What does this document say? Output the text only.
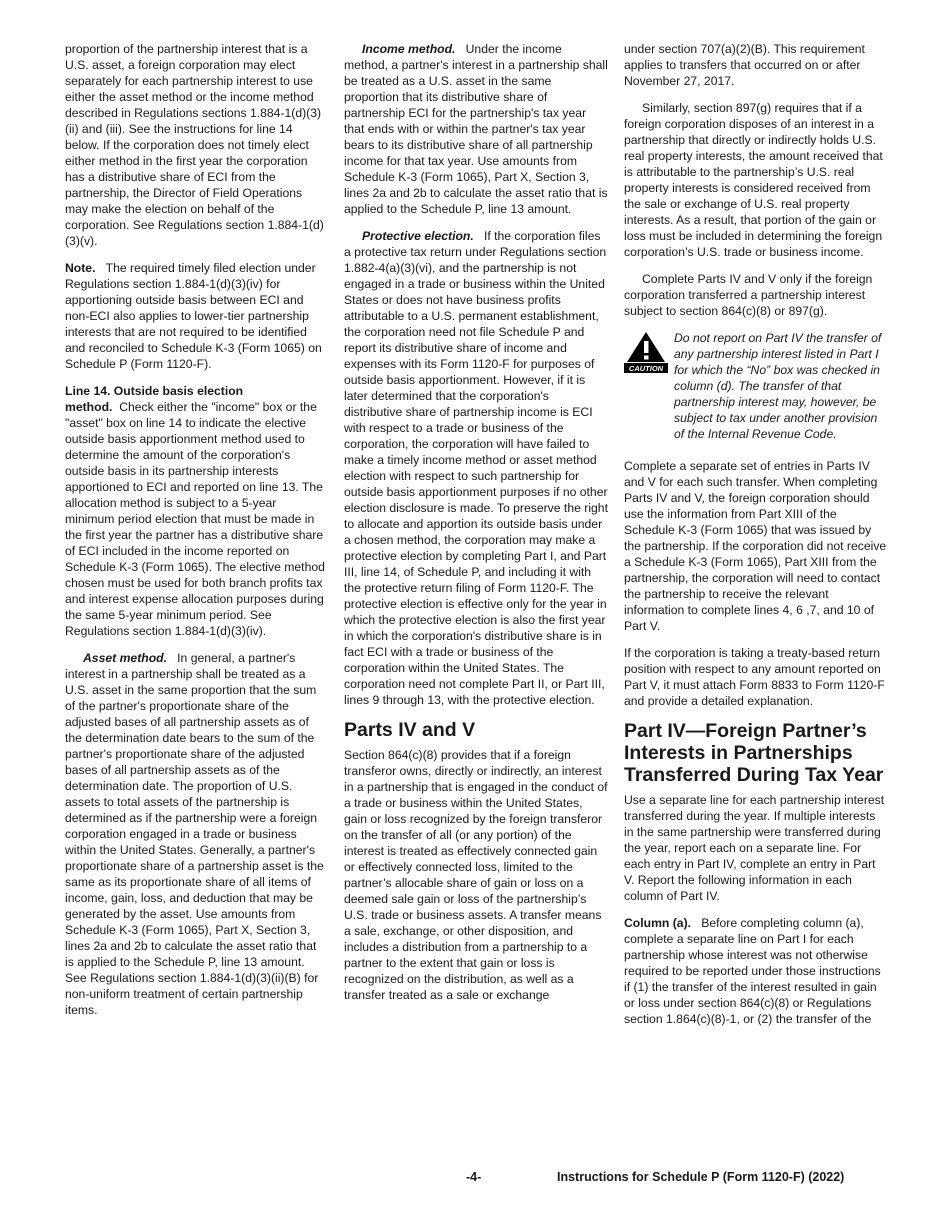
proportion of the partnership interest that is a U.S. asset, a foreign corporation may elect separately for each partnership interest to use either the asset method or the income method described in Regulations sections 1.884-1(d)(3)(ii) and (iii). See the instructions for line 14 below. If the corporation does not timely elect either method in the first year the corporation has a distributive share of ECI from the partnership, the Director of Field Operations may make the election on behalf of the corporation. See Regulations section 1.884-1(d)(3)(v).

Note. The required timely filed election under Regulations section 1.884-1(d)(3)(iv) for apportioning outside basis between ECI and non-ECI also applies to lower-tier partnership interests that are not required to be identified and reconciled to Schedule K-3 (Form 1065) on Schedule P (Form 1120-F).

Line 14. Outside basis election method. Check either the "income" box or the "asset" box on line 14 to indicate the elective outside basis apportionment method used to determine the amount of the corporation's outside basis in its partnership interests apportioned to ECI and reported on line 13. The allocation method is subject to a 5-year minimum period election that must be made in the first year the partner has a distributive share of ECI included in the income reported on Schedule K-3 (Form 1065). The elective method chosen must be used for both branch profits tax and interest expense allocation purposes during the same 5-year minimum period. See Regulations section 1.884-1(d)(3)(iv).

Asset method. In general, a partner's interest in a partnership shall be treated as a U.S. asset in the same proportion that the sum of the partner's proportionate share of the adjusted bases of all partnership assets as of the determination date bears to the sum of the partner's proportionate share of the adjusted bases of all partnership assets as of the determination date. The proportion of U.S. assets to total assets of the partnership is determined as if the partnership were a foreign corporation engaged in a trade or business within the United States. Generally, a partner's proportionate share of a partnership asset is the same as its proportionate share of all items of income, gain, loss, and deduction that may be generated by the asset. Use amounts from Schedule K-3 (Form 1065), Part X, Section 3, lines 2a and 2b to calculate the asset ratio that is applied to the Schedule P, line 13 amount. See Regulations section 1.884-1(d)(3)(ii)(B) for non-uniform treatment of certain partnership items.

Income method. Under the income method, a partner's interest in a partnership shall be treated as a U.S. asset in the same proportion that its distributive share of partnership ECI for the partnership's tax year that ends with or within the partner's tax year bears to its distributive share of all partnership income for that tax year. Use amounts from Schedule K-3 (Form 1065), Part X, Section 3, lines 2a and 2b to calculate the asset ratio that is applied to the Schedule P, line 13 amount.

Protective election. If the corporation files a protective tax return under Regulations section 1.882-4(a)(3)(vi), and the partnership is not engaged in a trade or business within the United States or does not have business profits attributable to a U.S. permanent establishment, the corporation need not file Schedule P and report its distributive share of income and expenses with its Form 1120-F for purposes of outside basis apportionment. However, if it is later determined that the corporation's distributive share of partnership income is ECI with respect to a trade or business of the corporation, the corporation will have failed to make a timely income method or asset method election with respect to such partnership for outside basis apportionment purposes if no other election disclosure is made. To preserve the right to allocate and apportion its outside basis under a chosen method, the corporation may make a protective election by completing Part I, and Part III, line 14, of Schedule P, and including it with the protective return filing of Form 1120-F. The protective election is effective only for the year in which the protective election is also the first year in which the corporation's distributive share is in fact ECI with a trade or business of the corporation within the United States. The corporation need not complete Part II, or Part III, lines 9 through 13, with the protective election.

Parts IV and V

Section 864(c)(8) provides that if a foreign transferor owns, directly or indirectly, an interest in a partnership that is engaged in the conduct of a trade or business within the United States, gain or loss recognized by the foreign transferor on the transfer of all (or any portion) of the interest is treated as effectively connected gain or effectively connected loss, limited to the partner’s allocable share of gain or loss on a deemed sale gain or loss of the partnership’s U.S. trade or business assets. A transfer means a sale, exchange, or other disposition, and includes a distribution from a partnership to a partner to the extent that gain or loss is recognized on the distribution, as well as a transfer treated as a sale or exchange

under section 707(a)(2)(B). This requirement applies to transfers that occurred on or after November 27, 2017.

Similarly, section 897(g) requires that if a foreign corporation disposes of an interest in a partnership that directly or indirectly holds U.S. real property interests, the amount received that is attributable to the partnership’s U.S. real property interests is considered received from the sale or exchange of U.S. real property interests. As a result, that portion of the gain or loss must be included in determining the foreign corporation’s U.S. trade or business income.

Complete Parts IV and V only if the foreign corporation transferred a partnership interest subject to section 864(c)(8) or 897(g).

CAUTION
Do not report on Part IV the transfer of any partnership interest listed in Part I for which the “No” box was checked in column (d). The transfer of that partnership interest may, however, be subject to tax under another provision of the Internal Revenue Code.

Complete a separate set of entries in Parts IV and V for each such transfer. When completing Parts IV and V, the foreign corporation should use the information from Part XIII of the Schedule K-3 (Form 1065) that was issued by the partnership. If the corporation did not receive a Schedule K-3 (Form 1065), Part XIII from the partnership, the corporation will need to contact the partnership to receive the relevant information to complete lines 4, 6 ,7, and 10 of Part V.

If the corporation is taking a treaty-based return position with respect to any amount reported on Part V, it must attach Form 8833 to Form 1120-F and provide a detailed explanation.

Part IV—Foreign Partner’s Interests in Partnerships Transferred During Tax Year

Use a separate line for each partnership interest transferred during the year. If multiple interests in the same partnership were transferred during the year, report each on a separate line. For each entry in Part IV, complete an entry in Part V. Report the following information in each column of Part IV.

Column (a). Before completing column (a), complete a separate line on Part I for each partnership whose interest was not otherwise required to be reported under those instructions if (1) the transfer of the interest resulted in gain or loss under section 864(c)(8) or Regulations section 1.864(c)(8)-1, or (2) the transfer of the

-4-	Instructions for Schedule P (Form 1120-F) (2022)
